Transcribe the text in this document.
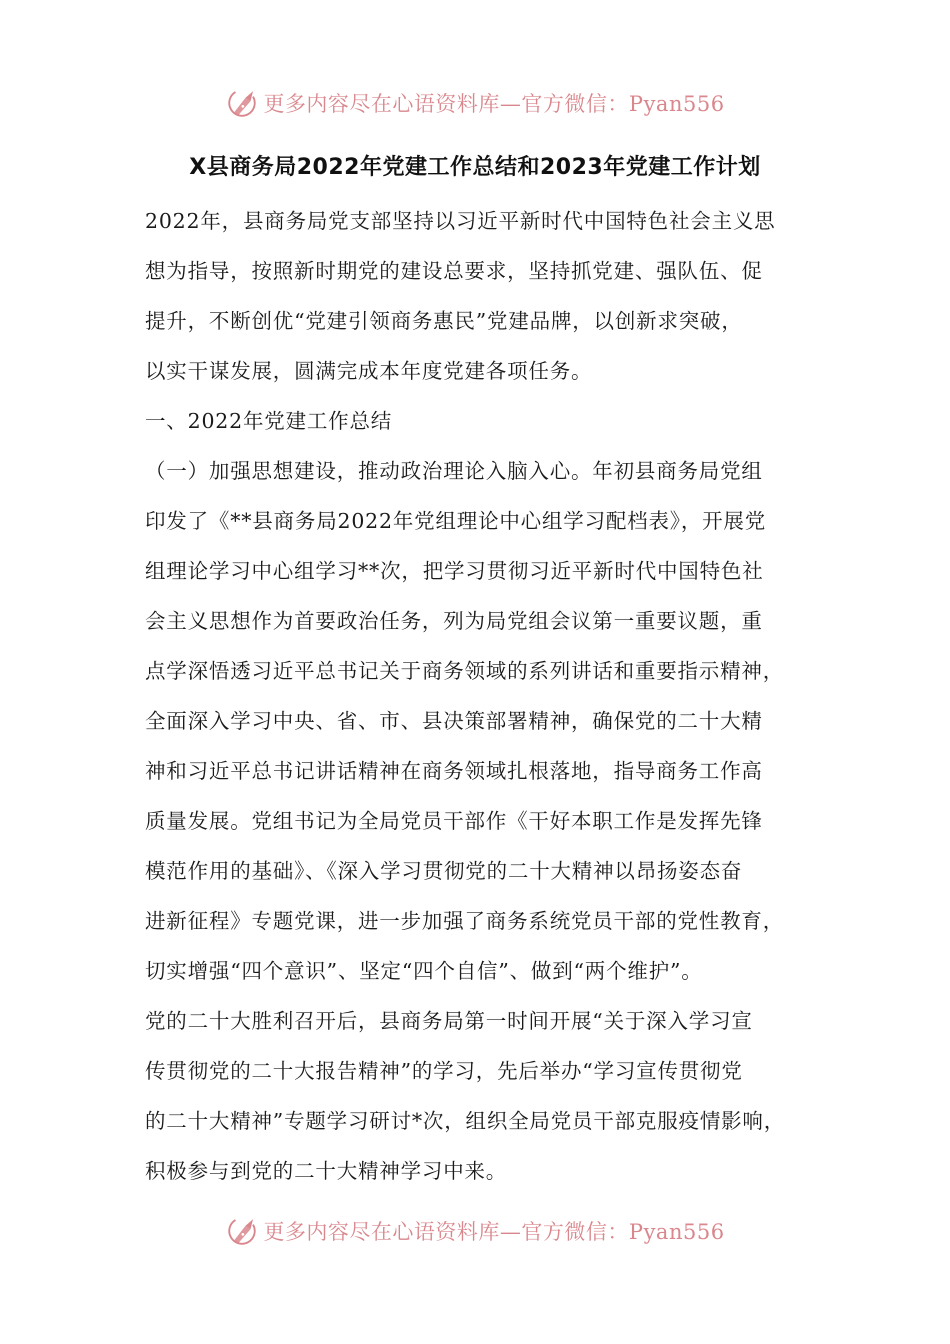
更多内容尽在心语资料库—官方微信：Pyan556
X县商务局2022年党建工作总结和2023年党建工作计划
2022年，县商务局党支部坚持以习近平新时代中国特色社会主义思
想为指导，按照新时期党的建设总要求，坚持抓党建、强队伍、促
提升，不断创优“党建引领商务惠民”党建品牌，以创新求突破，
以实干谋发展，圆满完成本年度党建各项任务。
一、2022年党建工作总结
（一）加强思想建设，推动政治理论入脑入心。年初县商务局党组
印发了《**县商务局2022年党组理论中心组学习配档表》，开展党
组理论学习中心组学习**次，把学习贯彻习近平新时代中国特色社
会主义思想作为首要政治任务，列为局党组会议第一重要议题，重
点学深悟透习近平总书记关于商务领域的系列讲话和重要指示精神，
全面深入学习中央、省、市、县决策部署精神，确保党的二十大精
神和习近平总书记讲话精神在商务领域扎根落地，指导商务工作高
质量发展。党组书记为全局党员干部作《干好本职工作是发挥先锋
模范作用的基础》、《深入学习贯彻党的二十大精神以昂扬姿态奋
进新征程》专题党课，进一步加强了商务系统党员干部的党性教育，
切实增强“四个意识”、坚定“四个自信”、做到“两个维护”。
党的二十大胜利召开后，县商务局第一时间开展“关于深入学习宣
传贯彻党的二十大报告精神”的学习，先后举办“学习宣传贯彻党
的二十大精神”专题学习研讨*次，组织全局党员干部克服疫情影响，
积极参与到党的二十大精神学习中来。
更多内容尽在心语资料库—官方微信：Pyan556
